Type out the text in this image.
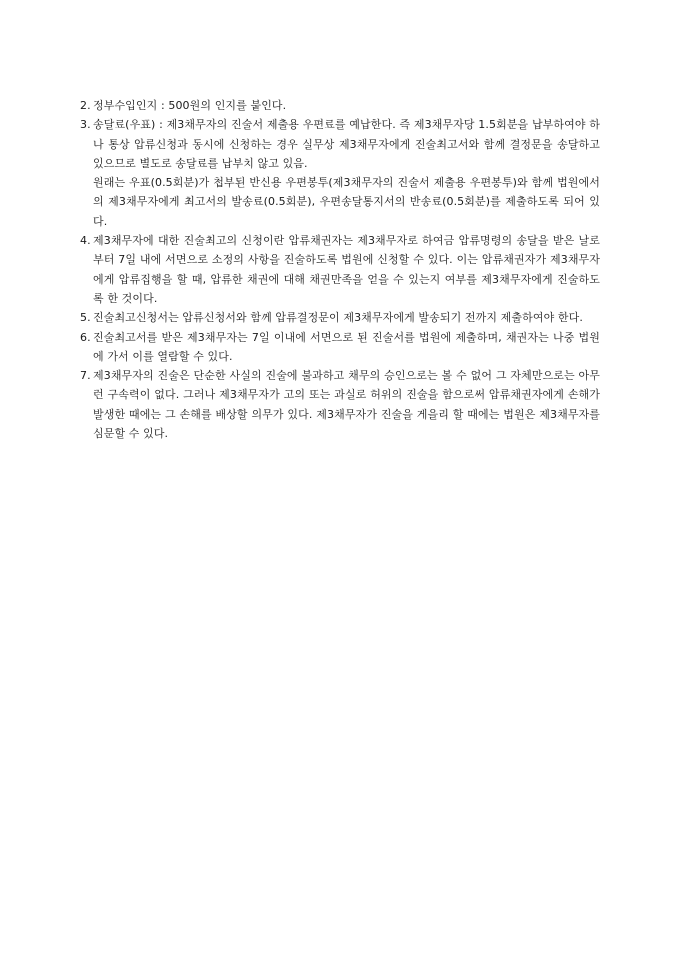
2. 정부수입인지 : 500원의 인지를 붙인다.
3. 송달료(우표) : 제3채무자의 진술서 제출용 우편료를 예납한다. 즉 제3채무자당 1.5회분을 납부하여야 하나 통상 압류신청과 동시에 신청하는 경우 실무상 제3채무자에게 진술최고서와 함께 결정문을 송달하고 있으므로 별도로 송달료를 납부치 않고 있음.
원래는 우표(0.5회분)가 첩부된 반신용 우편봉투(제3채무자의 진술서 제출용 우편봉투)와 함께 법원에서의 제3채무자에게 최고서의 발송료(0.5회분), 우편송달통지서의 반송료(0.5회분)를 제출하도록 되어 있다.
4. 제3채무자에 대한 진술최고의 신청이란 압류채권자는 제3채무자로 하여금 압류명령의 송달을 받은 날로부터 7일 내에 서면으로 소정의 사항을 진술하도록 법원에 신청할 수 있다. 이는 압류채권자가 제3채무자에게 압류집행을 할 때, 압류한 채권에 대해 채권만족을 얻을 수 있는지 여부를 제3채무자에게 진술하도록 한 것이다.
5. 진술최고신청서는 압류신청서와 함께 압류결정문이 제3채무자에게 발송되기 전까지 제출하여야 한다.
6. 진술최고서를 받은 제3채무자는 7일 이내에 서면으로 된 진술서를 법원에 제출하며, 채권자는 나중 법원에 가서 이를 열람할 수 있다.
7. 제3채무자의 진술은 단순한 사실의 진술에 불과하고 채무의 승인으로는 볼 수 없어 그 자체만으로는 아무런 구속력이 없다. 그러나 제3채무자가 고의 또는 과실로 허위의 진술을 함으로써 압류채권자에게 손해가 발생한 때에는 그 손해를 배상할 의무가 있다. 제3채무자가 진술을 게을리 할 때에는 법원은 제3채무자를 심문할 수 있다.
